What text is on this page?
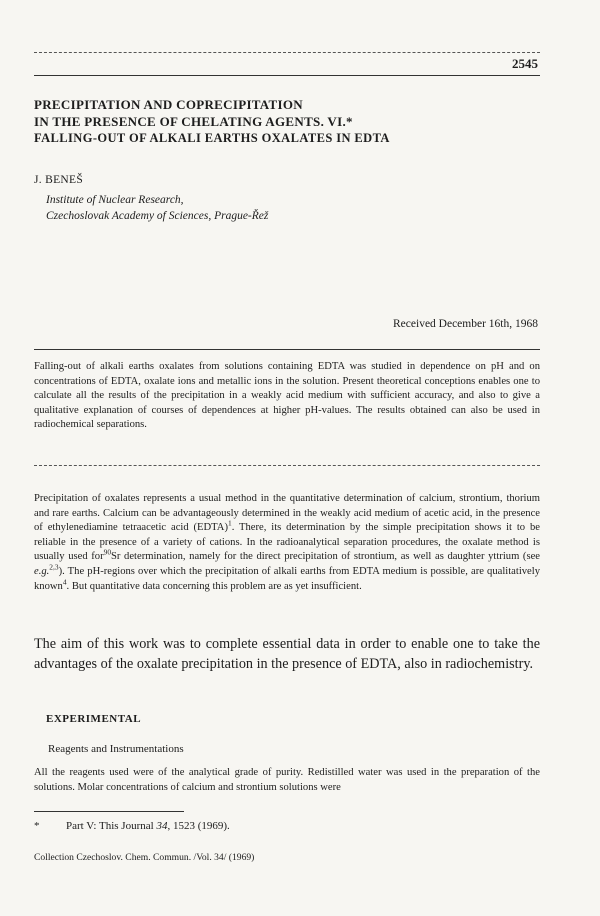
2545
PRECIPITATION AND COPRECIPITATION
IN THE PRESENCE OF CHELATING AGENTS. VI.*
FALLING-OUT OF ALKALI EARTHS OXALATES IN EDTA
J. BENEŠ
Institute of Nuclear Research,
Czechoslovak Academy of Sciences, Prague-Řež
Received December 16th, 1968
Falling-out of alkali earths oxalates from solutions containing EDTA was studied in dependence on pH and on concentrations of EDTA, oxalate ions and metallic ions in the solution. Present theoretical conceptions enables one to calculate all the results of the precipitation in a weakly acid medium with sufficient accuracy, and also to give a qualitative explanation of courses of dependences at higher pH-values. The results obtained can also be used in radiochemical separations.
Precipitation of oxalates represents a usual method in the quantitative determination of calcium, strontium, thorium and rare earths. Calcium can be advantageously determined in the weakly acid medium of acetic acid, in the presence of ethylenediamine tetraacetic acid (EDTA)$^1$. There, its determination by the simple precipitation shows it to be reliable in the presence of a variety of cations. In the radioanalytical separation procedures, the oxalate method is usually used for$^{90}$Sr determination, namely for the direct precipitation of strontium, as well as daughter yttrium (see e.g.$^{2,3}$). The pH-regions over which the precipitation of alkali earths from EDTA medium is possible, are qualitatively known$^4$. But quantitative data concerning this problem are as yet insufficient.
The aim of this work was to complete essential data in order to enable one to take the advantages of the oxalate precipitation in the presence of EDTA, also in radiochemistry.
EXPERIMENTAL
Reagents and Instrumentations
All the reagents used were of the analytical grade of purity. Redistilled water was used in the preparation of the solutions. Molar concentrations of calcium and strontium solutions were
* Part V: This Journal 34, 1523 (1969).
Collection Czechoslov. Chem. Commun. /Vol. 34/ (1969)
